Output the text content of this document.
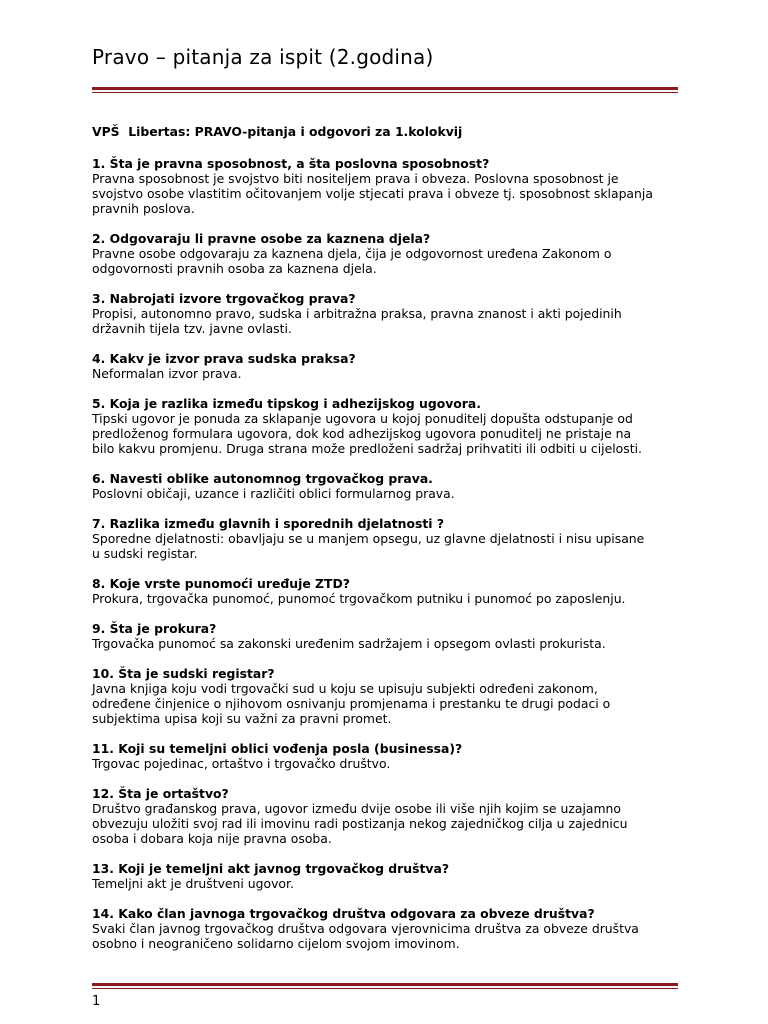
Pravo – pitanja za ispit (2.godina)

VPŠ  Libertas: PRAVO-pitanja i odgovori za 1.kolokvij

1. Šta je pravna sposobnost, a šta poslovna sposobnost?

Pravna sposobnost je svojstvo biti nositeljem prava i obveza. Poslovna sposobnost je

svojstvo osobe vlastitim očitovanjem volje stjecati prava i obveze tj. sposobnost sklapanja

pravnih poslova.

2. Odgovaraju li pravne osobe za kaznena djela?

Pravne osobe odgovaraju za kaznena djela, čija je odgovornost uređena Zakonom o

odgovornosti pravnih osoba za kaznena djela.

3. Nabrojati izvore trgovačkog prava?

Propisi, autonomno pravo, sudska i arbitražna praksa, pravna znanost i akti pojedinih

državnih tijela tzv. javne ovlasti.

4. Kakv je izvor prava sudska praksa?

Neformalan izvor prava.

5. Koja je razlika između tipskog i adhezijskog ugovora.

Tipski ugovor je ponuda za sklapanje ugovora u kojoj ponuditelj dopušta odstupanje od

predloženog formulara ugovora, dok kod adhezijskog ugovora ponuditelj ne pristaje na

bilo kakvu promjenu. Druga strana može predloženi sadržaj prihvatiti ili odbiti u cijelosti.

6. Navesti oblike autonomnog trgovačkog prava.

Poslovni običaji, uzance i različiti oblici formularnog prava.

7. Razlika između glavnih i sporednih djelatnosti ?

Sporedne djelatnosti: obavljaju se u manjem opsegu, uz glavne djelatnosti i nisu upisane

u sudski registar.

8. Koje vrste punomoći uređuje ZTD?

Prokura, trgovačka punomoć, punomoć trgovačkom putniku i punomoć po zaposlenju.

9. Šta je prokura?

Trgovačka punomoć sa zakonski uređenim sadržajem i opsegom ovlasti prokurista.

10. Šta je sudski registar?

Javna knjiga koju vodi trgovački sud u koju se upisuju subjekti određeni zakonom,

određene činjenice o njihovom osnivanju promjenama i prestanku te drugi podaci o

subjektima upisa koji su važni za pravni promet.

11. Koji su temeljni oblici vođenja posla (businessa)?

Trgovac pojedinac, ortaštvo i trgovačko društvo.

12. Šta je ortaštvo?

Društvo građanskog prava, ugovor između dvije osobe ili više njih kojim se uzajamno

obvezuju uložiti svoj rad ili imovinu radi postizanja nekog zajedničkog cilja u zajednicu

osoba i dobara koja nije pravna osoba.

13. Koji je temeljni akt javnog trgovačkog društva?

Temeljni akt je društveni ugovor.

14. Kako član javnoga trgovačkog društva odgovara za obveze društva?

Svaki član javnog trgovačkog društva odgovara vjerovnicima društva za obveze društva

osobno i neograničeno solidarno cijelom svojom imovinom.

1
